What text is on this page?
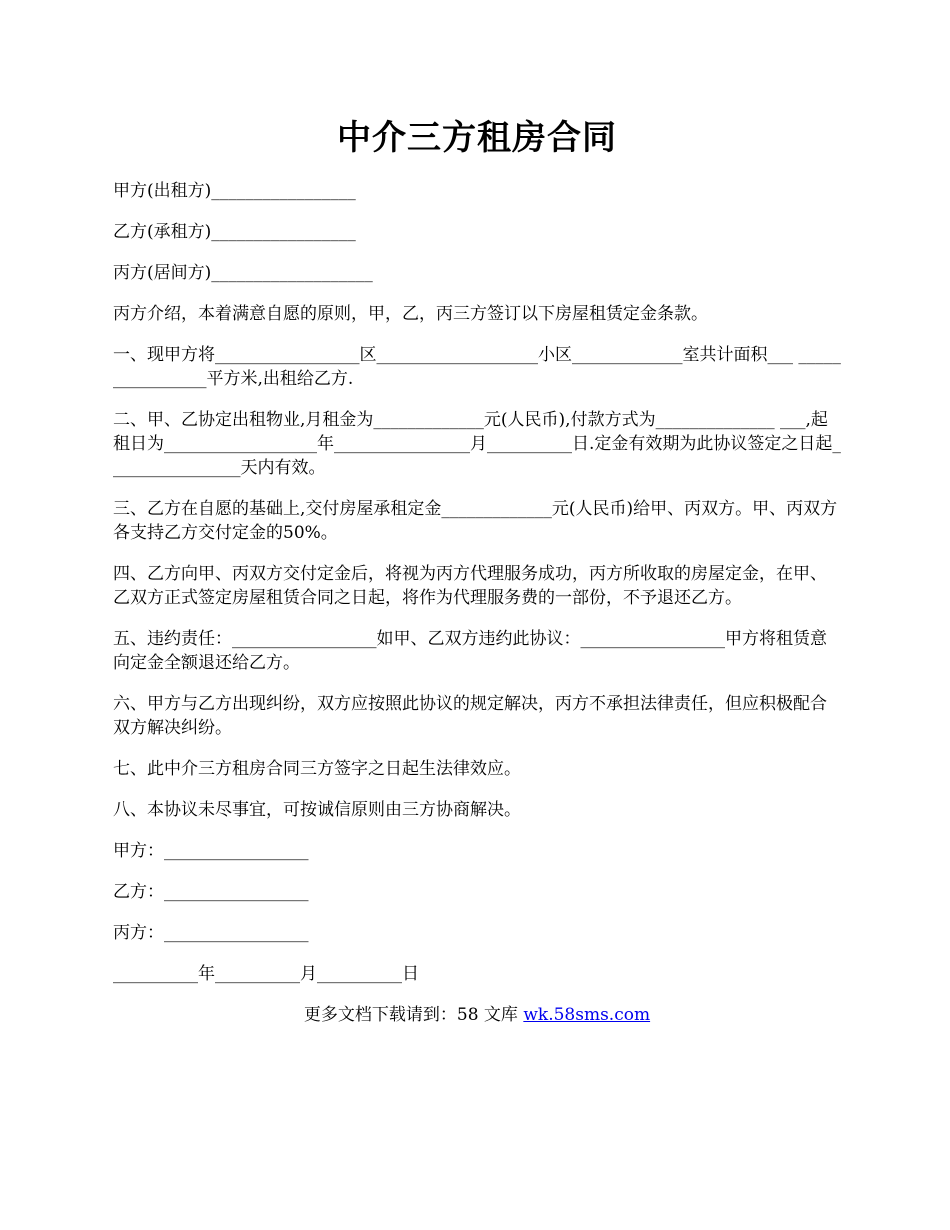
中介三方租房合同

甲方(出租方)_________________

乙方(承租方)_________________

丙方(居间方)___________________

丙方介绍，本着满意自愿的原则，甲，乙，丙三方签订以下房屋租赁定金条款。

一、现甲方将_________________区___________________小区_____________室共计面积___ ________________平方米,出租给乙方.

二、甲、乙协定出租物业,月租金为_____________元(人民币),付款方式为______________ ___,起租日为__________________年________________月__________日.定金有效期为此协议签定之日起________________天内有效。

三、乙方在自愿的基础上,交付房屋承租定金_____________元(人民币)给甲、丙双方。甲、丙双方各支持乙方交付定金的50%。

四、乙方向甲、丙双方交付定金后，将视为丙方代理服务成功，丙方所收取的房屋定金，在甲、乙双方正式签定房屋租赁合同之日起，将作为代理服务费的一部份，不予退还乙方。

五、违约责任：_________________如甲、乙双方违约此协议：_________________甲方将租赁意向定金全额退还给乙方。

六、甲方与乙方出现纠纷，双方应按照此协议的规定解决，丙方不承担法律责任，但应积极配合双方解决纠纷。

七、此中介三方租房合同三方签字之日起生法律效应。

八、本协议未尽事宜，可按诚信原则由三方协商解决。

甲方：_________________

乙方：_________________

丙方：_________________

__________年__________月__________日

更多文档下载请到：58 文库 wk.58sms.com
